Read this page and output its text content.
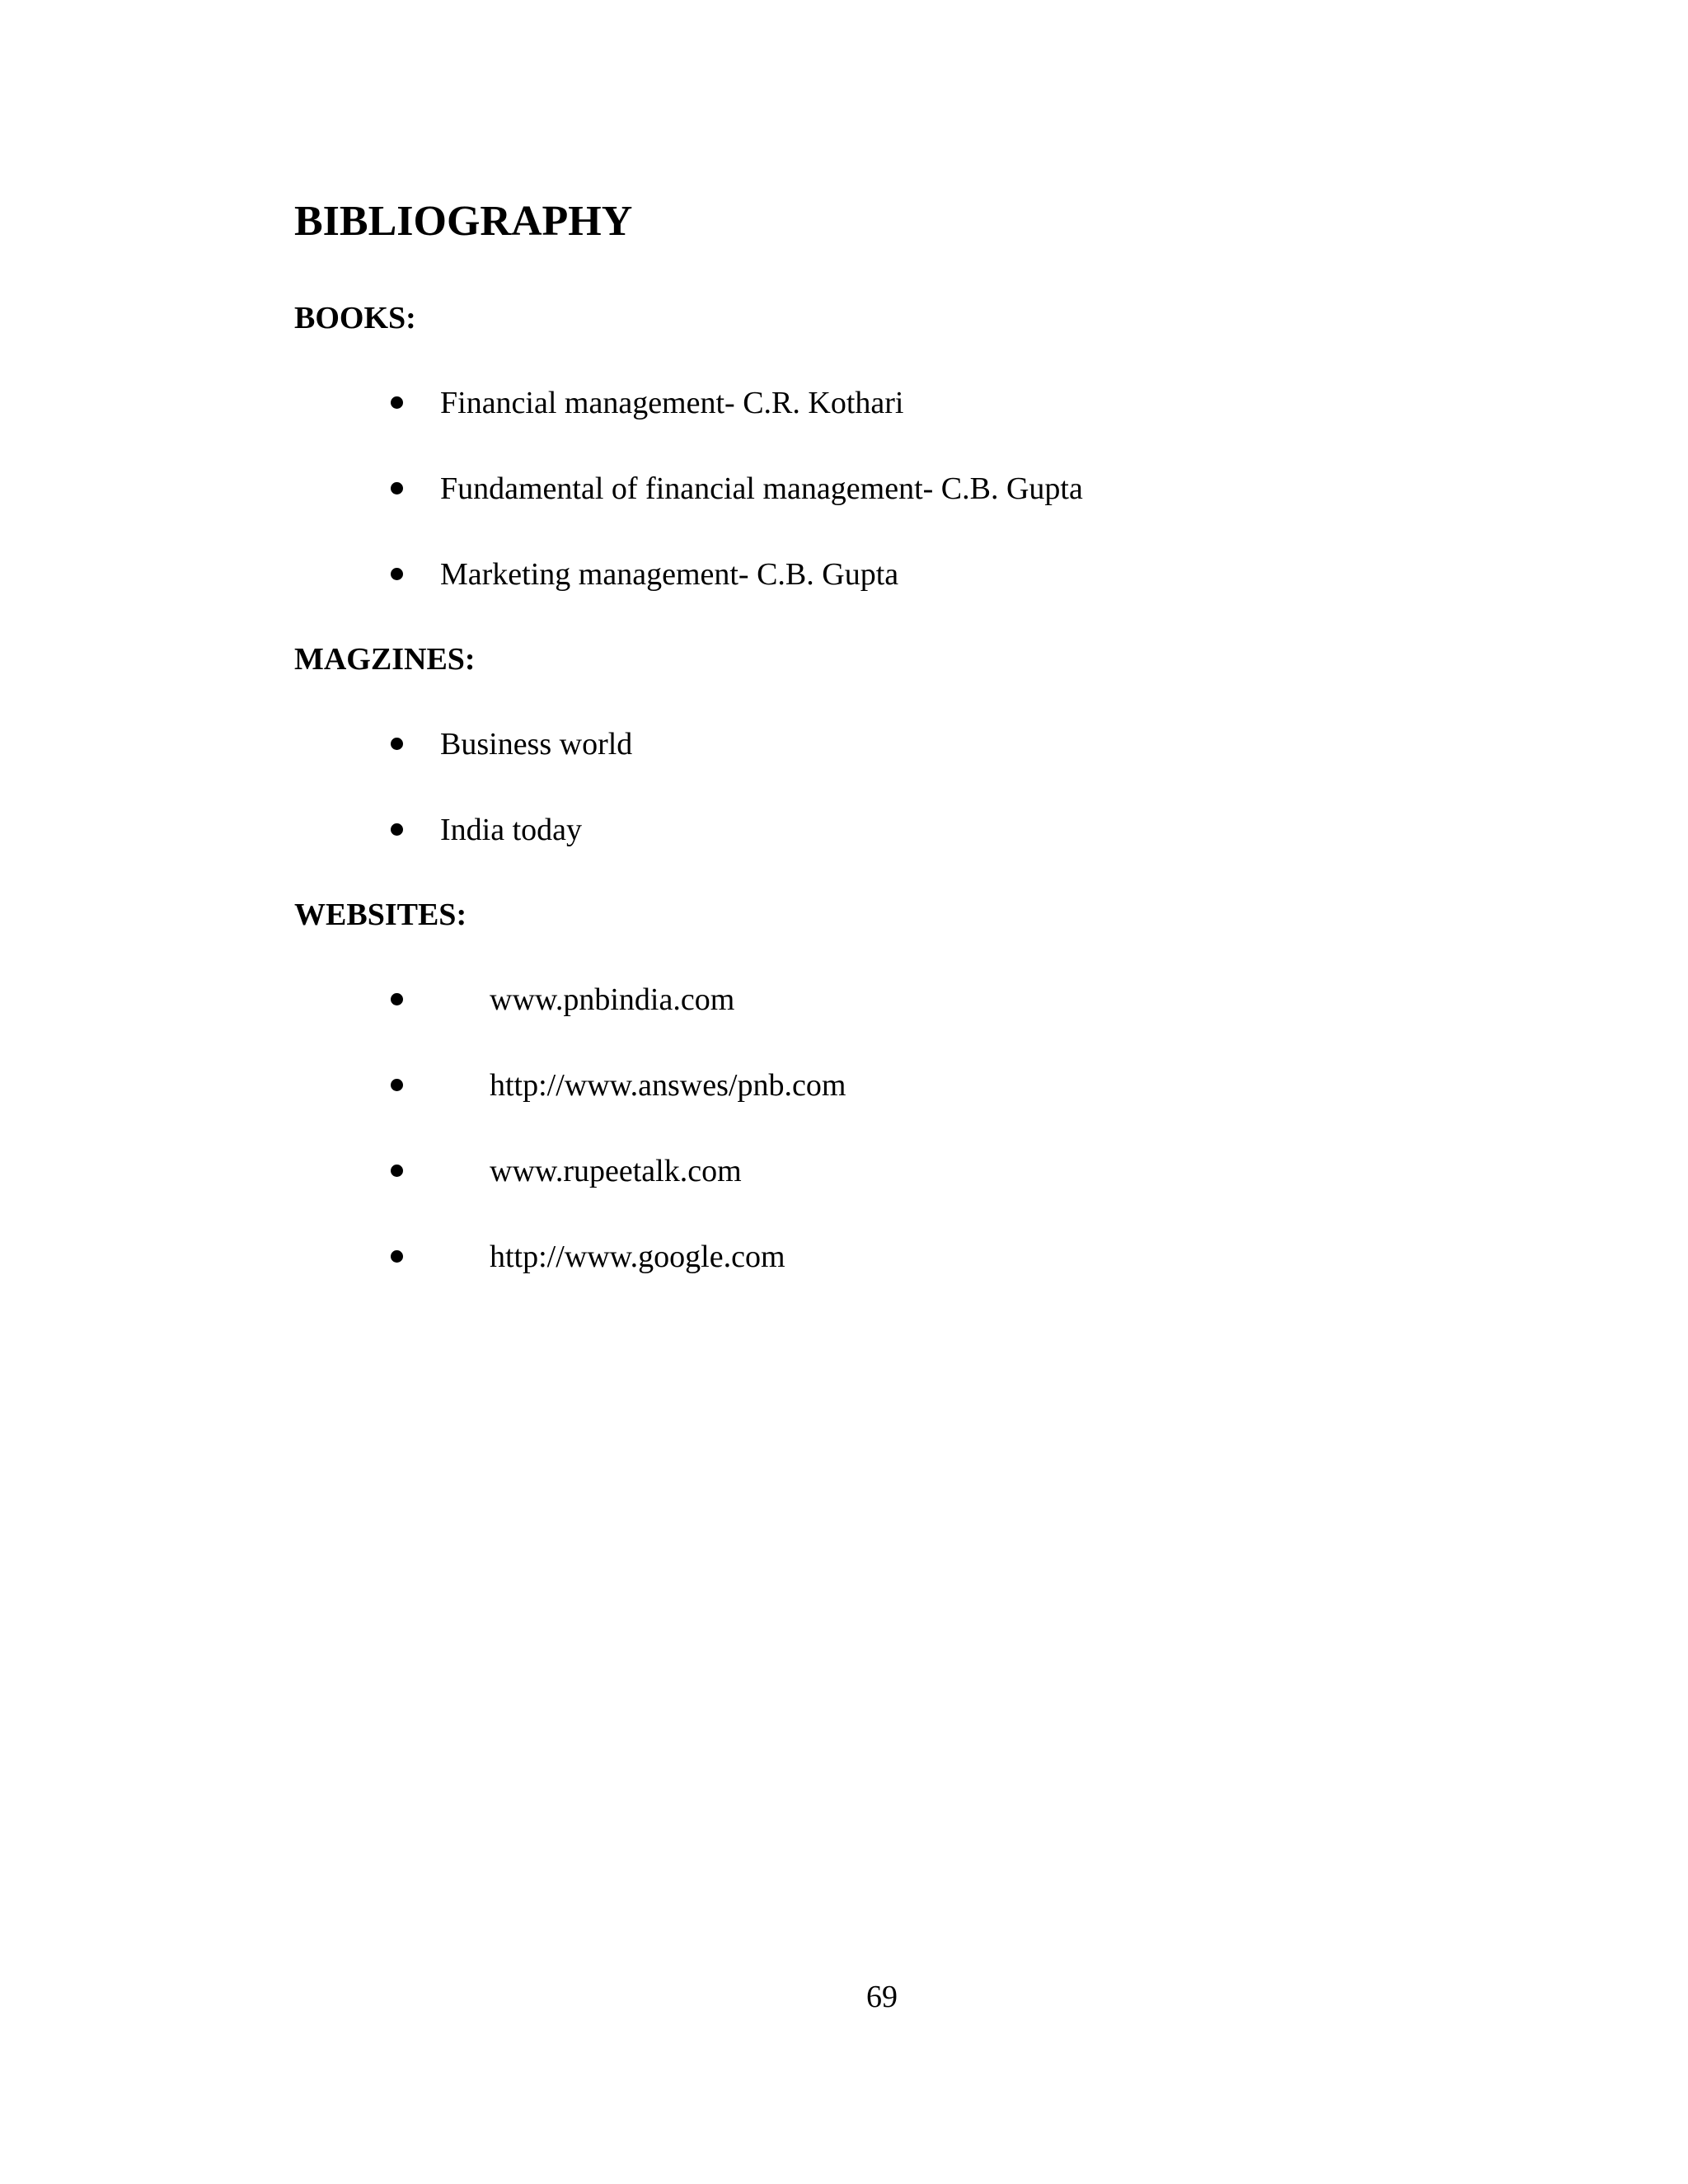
BIBLIOGRAPHY
BOOKS:
Financial management- C.R. Kothari
Fundamental of financial management- C.B. Gupta
Marketing management- C.B. Gupta
MAGZINES:
Business world
India today
WEBSITES:
www.pnbindia.com
http://www.answes/pnb.com
www.rupeetalk.com
http://www.google.com
69
